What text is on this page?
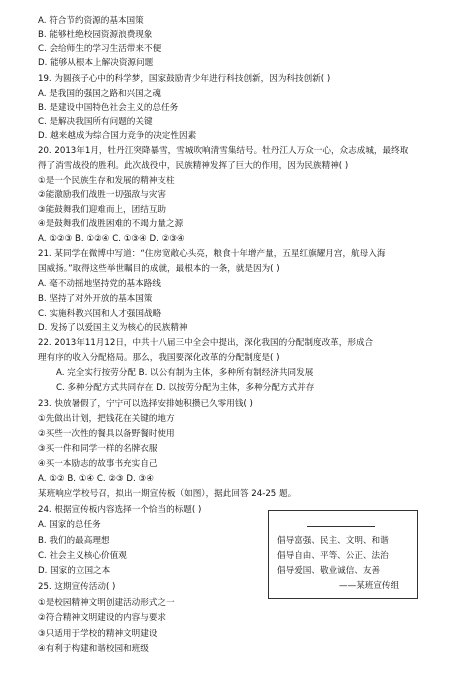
A. 符合节约资源的基本国策
B. 能够杜绝校园资源浪费现象
C. 会给师生的学习生活带来不便
D. 能够从根本上解决资源问题
19. 为圆孩子心中的科学梦，国家鼓励青少年进行科技创新，因为科技创新( )
A. 是我国的强国之路和兴国之魂
B. 是建设中国特色社会主义的总任务
C. 是解决我国所有问题的关键
D. 越来越成为综合国力竞争的决定性因素
20. 2013年1月，牡丹江突降暴雪，雪城吹响清雪集结号。牡丹江人万众一心，众志成城，最终取
得了消雪战役的胜利。此次战役中，民族精神发挥了巨大的作用，因为民族精神( )
①是一个民族生存和发展的精神支柱
②能激励我们战胜一切强敌与灾害
③能鼓舞我们迎难而上，团结互助
④是鼓舞我们战胜困难的不竭力量之源
A. ①②③ B. ①②④ C. ①③④ D. ②③④
21. 某同学在微博中写道：“住房宽敞心头亮，粮食十年增产量，五星红旗耀月宫，航母入海
国威扬。”取得这些举世瞩目的成就，最根本的一条，就是因为( )
A. 毫不动摇地坚持党的基本路线
B. 坚持了对外开放的基本国策
C. 实施科教兴国和人才强国战略
D. 发扬了以爱国主义为核心的民族精神
22. 2013年11月12日，中共十八届三中全会中提出，深化我国的分配制度改革，形成合
理有序的收入分配格局。那么，我国要深化改革的分配制度是( )
A. 完全实行按劳分配 B. 以公有制为主体，多种所有制经济共同发展
C. 多种分配方式共同存在 D. 以按劳分配为主体，多种分配方式并存
23. 快放暑假了，宁宁可以选择安排她积攒已久零用钱( )
①先做出计划，把钱花在关键的地方
②买些一次性的餐具以备野餐时使用
③买一件和同学一样的名牌衣服
④买一本励志的故事书充实自己
A. ①② B. ①④ C. ②③ D. ③④
某班响应学校号召，拟出一期宣传板（如图），据此回答 24-25 题。
24. 根据宣传板内容选择一个恰当的标题( )
A. 国家的总任务
B. 我们的最高理想
C. 社会主义核心价值观
D. 国家的立国之本
25. 这期宣传活动( )
①是校园精神文明创建活动形式之一
②符合精神文明建设的内容与要求
③只适用于学校的精神文明建设
④有利于构建和谐校园和班级
倡导富强、民主、文明、和谐
倡导自由、平等、公正、法治
倡导爱国、敬业诚信、友善
——某班宣传组
